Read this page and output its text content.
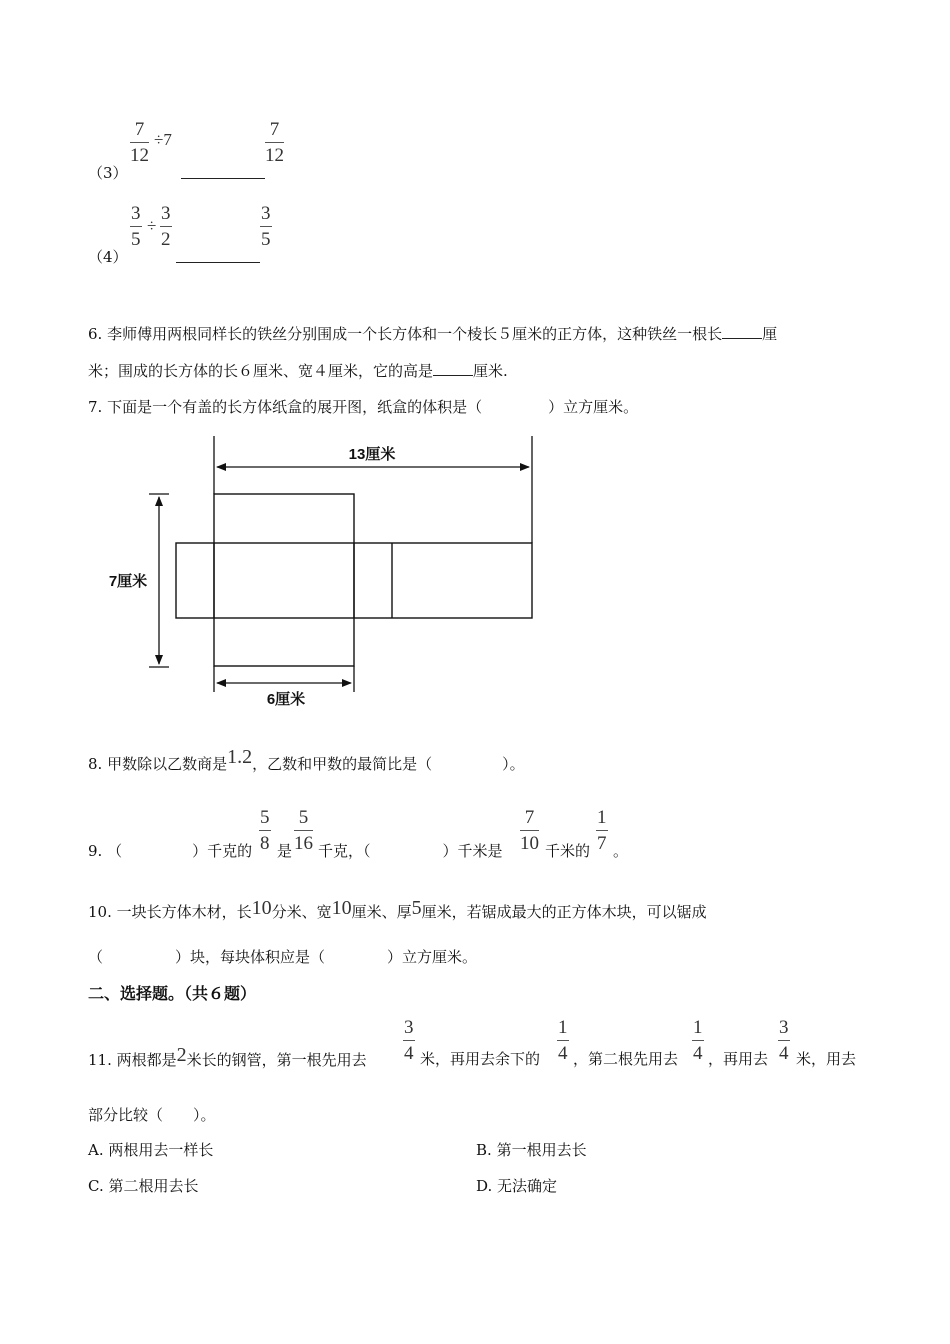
$\frac{7}{12} \div 7$
（3）
$\frac{7}{12}$
$\frac{3}{5} \div \frac{3}{2}$
（4）
$\frac{3}{5}$
6. 李师傅用两根同样长的铁丝分别围成一个长方体和一个棱长５厘米的正方体，这种铁丝一根长	厘
米；围成的长方体的长６厘米、宽４厘米，它的高是	厘米.
7. 下面是一个有盖的长方体纸盒的展开图，纸盒的体积是（	）立方厘米。
13厘米
7厘米
6厘米
8. 甲数除以乙数商是1.2，乙数和甲数的最简比是（	）。
9. （	）千克的 $\frac{5}{8}$ 是 $\frac{5}{16}$ 千克，（	）千米是 $\frac{7}{10}$ 千米的 $\frac{1}{7}$ 。
10. 一块长方体木材，长10分米、宽10厘米、厚5厘米，若锯成最大的正方体木块，可以锯成
（	）块，每块体积应是（	）立方厘米。
二、选择题。（共６题）
11. 两根都是2米长的钢管，第一根先用去 $\frac{3}{4}$ 米，再用去余下的 $\frac{1}{4}$ ，第二根先用去 $\frac{1}{4}$ ，再用去 $\frac{3}{4}$ 米，用去
部分比较（　　）。
A. 两根用去一样长	B. 第一根用去长
C. 第二根用去长	D. 无法确定
